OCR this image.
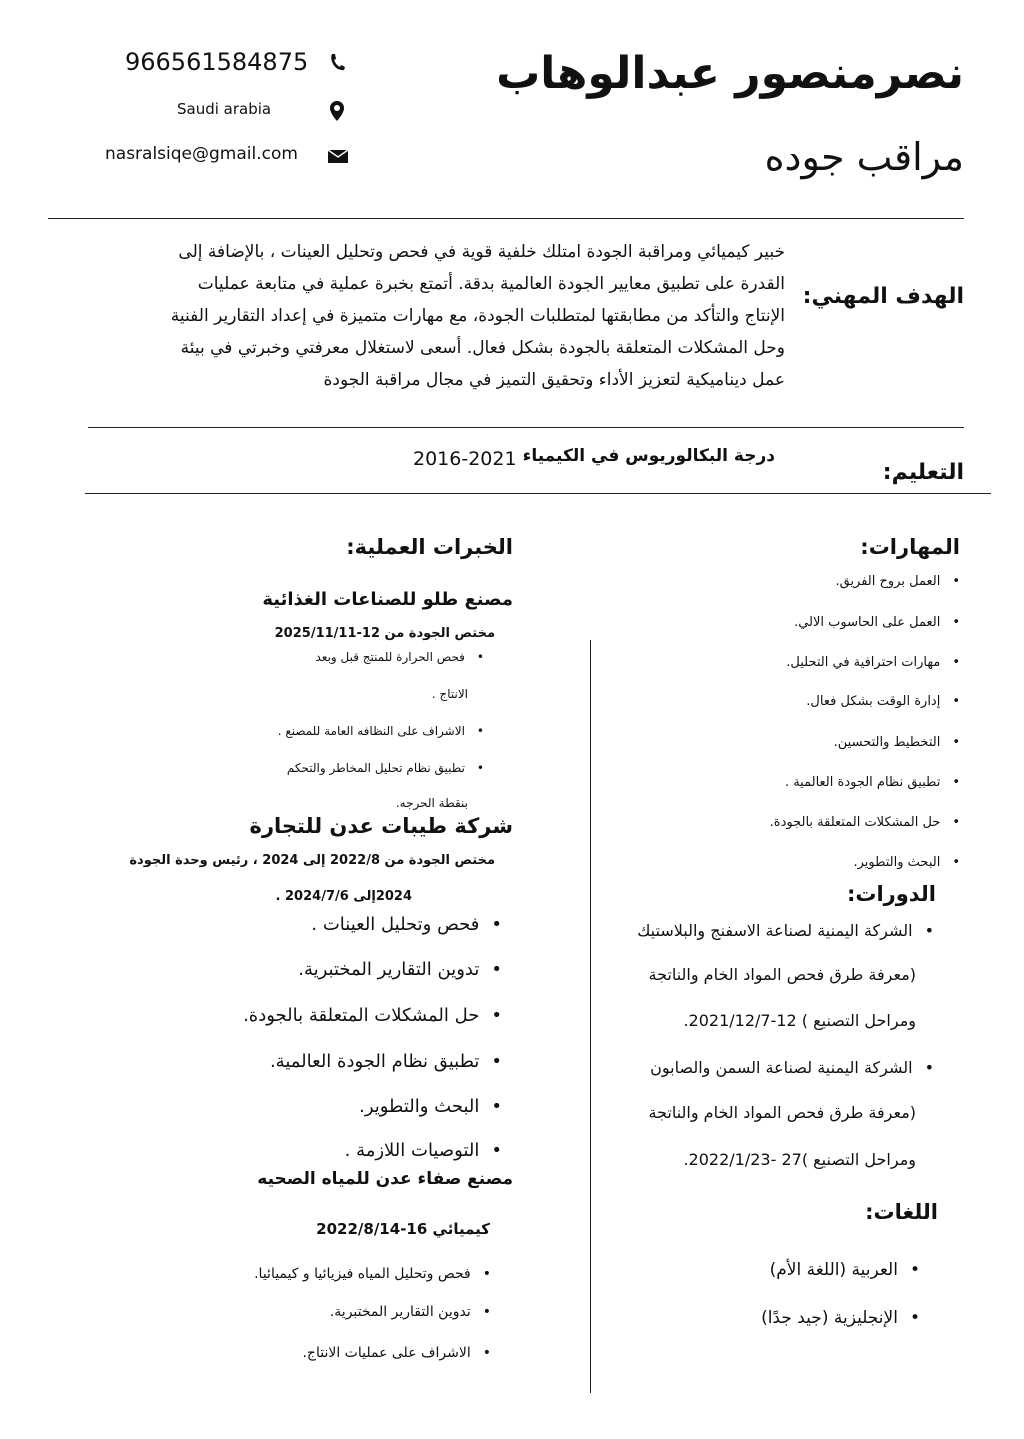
نصرمنصور عبدالوهاب
مراقب جوده
966561584875
Saudi arabia
nasralsiqe@gmail.com
الهدف المهني:
خبير كيميائي ومراقبة الجودة امتلك خلفية قوية في فحص وتحليل العينات ، بالإضافة إلى
القدرة على تطبيق معايير الجودة العالمية بدقة. أتمتع بخبرة عملية في متابعة عمليات
الإنتاج والتأكد من مطابقتها لمتطلبات الجودة، مع مهارات متميزة في إعداد التقارير الفنية
وحل المشكلات المتعلقة بالجودة بشكل فعال. أسعى لاستغلال معرفتي وخبرتي في بيئة
عمل ديناميكية لتعزيز الأداء وتحقيق التميز في مجال مراقبة الجودة
درجة البكالوريوس في الكيمياء
2016-2021
التعليم:
المهارات:
• العمل بروح الفريق.
• العمل على الحاسوب الالي.
• مهارات احترافية في التحليل.
• إدارة الوقت بشكل فعال.
• التخطيط والتحسين.
• تطبيق نظام الجودة العالمية .
• حل المشكلات المتعلقة بالجودة.
• البحث والتطوير.
الدورات:
• الشركة اليمنية لصناعة الاسفنج والبلاستيك
(معرفة طرق فحص المواد الخام والناتجة
ومراحل التصنيع ) 12-2021/12/7.
• الشركة اليمنية لصناعة السمن والصابون
(معرفة طرق فحص المواد الخام والناتجة
ومراحل التصنيع )27 -2022/1/23.
اللغات:
• العربية (اللغة الأم)
• الإنجليزية (جيد جدًا)
الخبرات العملية:
مصنع طلو للصناعات الغذائية
مختص الجودة من 12-2025/11/11
• فحص الحرارة للمنتج قبل وبعد
الانتاج .
• الاشراف على النظافه العامة للمصنع .
• تطبيق نظام تحليل المخاطر والتحكم
بنقطة الحرجه.
شركة طيبات عدن للتجارة
مختص الجودة من 2022/8 إلى 2024 ، رئيس وحدة الجودة
2024إلى 2024/7/6 .
• فحص وتحليل العينات .
• تدوين التقارير المختبرية.
• حل المشكلات المتعلقة بالجودة.
• تطبيق نظام الجودة العالمية.
• البحث والتطوير.
• التوصيات اللازمة .
مصنع صفاء عدن للمياه الصحيه
كيميائي 16-2022/8/14
• فحص وتحليل المياه فيزيائيا و كيميائيا.
• تدوين التقارير المختبرية.
• الاشراف على عمليات الانتاج.
